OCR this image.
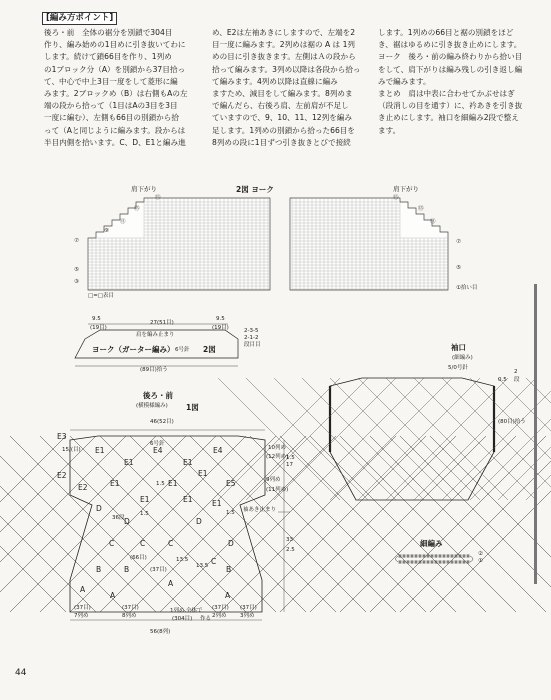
[編み方ポイント]
後ろ・前　全体の裾分を別鎖で304目
作り、編み始めの1目めに引き抜いてわに
します。続けて鎖66目を作り、1列め
の1ブロック分（A）を別鎖から37目拾っ
て、中心で中上3目一度をして菱形に編
みます。2ブロックめ（B）は右側もAの左
端の段から拾って（1目はAの3目を3目
一度に編む）、左側も66目の別鎖から拾
って（Aと同じように編みます。段からは
半目内側を拾います。C、D、E1と編み進
め、E2は左袖あきにしますので、左端を2
目一度に編みます。2列めは裾の A は 1列
めの目に引き抜きます。左側はＡの段から
拾って編みます。3列め以降は各段から拾っ
て編みます。4列め以降は直線に編み
ますため、減目をして編みます。8列めま
で編んだら、右後ろ肩、左前肩が不足し
ていますので、9、10、11、12列を編み
足します。1列めの別鎖から拾った66目を
8列めの段に1目ずつ引き抜きとびで接続
します。1列めの66目と裾の別鎖をほど
き、裾はゆるめに引き抜き止めにします。
ヨーク　後ろ・前の編み終わりから拾い目
をして、肩下がりは編み残しの引き返し編
みで編みます。
まとめ　肩は中表に合わせてかぶせはぎ
（段消しの目を通す）に、衿あきを引き抜
き止めにします。袖口を細編み2段で整え
ます。
2図 ヨーク
肩下がり	肩下がり
⑮
⑬
⑪
⑨
⑦
⑤
③
⑮
⑬
⑪
⑦
⑤
①拾い目
□=□表目
9.5
27(51目)
9.5
(19目)	(19目)
肩を編み止まり
ヨーク（ガーター編み） 6号針 2図
(89目)拾う
2-3-5
2-1-2
段目目
後ろ・前
(横模様編み) 1図
46(52目)
6号針
E3
15/(目)
E2
10列め
(12列め)
9列め
(11列め)
袖あき止まり
17
1.5
33
2.5
E1
E1	E1
E4	E4
E2	E1	E1
E1
E5
D
E1	E1	E1
D	D
C	D
C
C
C
B	B	B
A
A
A
A
1.5
1.5
36段
13.5
13.5
(66目)
(37目)
1.5
(37目)
7列め
(37目)
8列め
1列め 全体で
(304目) 作る
(37目)
2列め
(37目)
3列め
56(8列)
袖口
(細編み)
5/0号針
0.5
2
段
(80目)拾う
細編み
②
①
44
